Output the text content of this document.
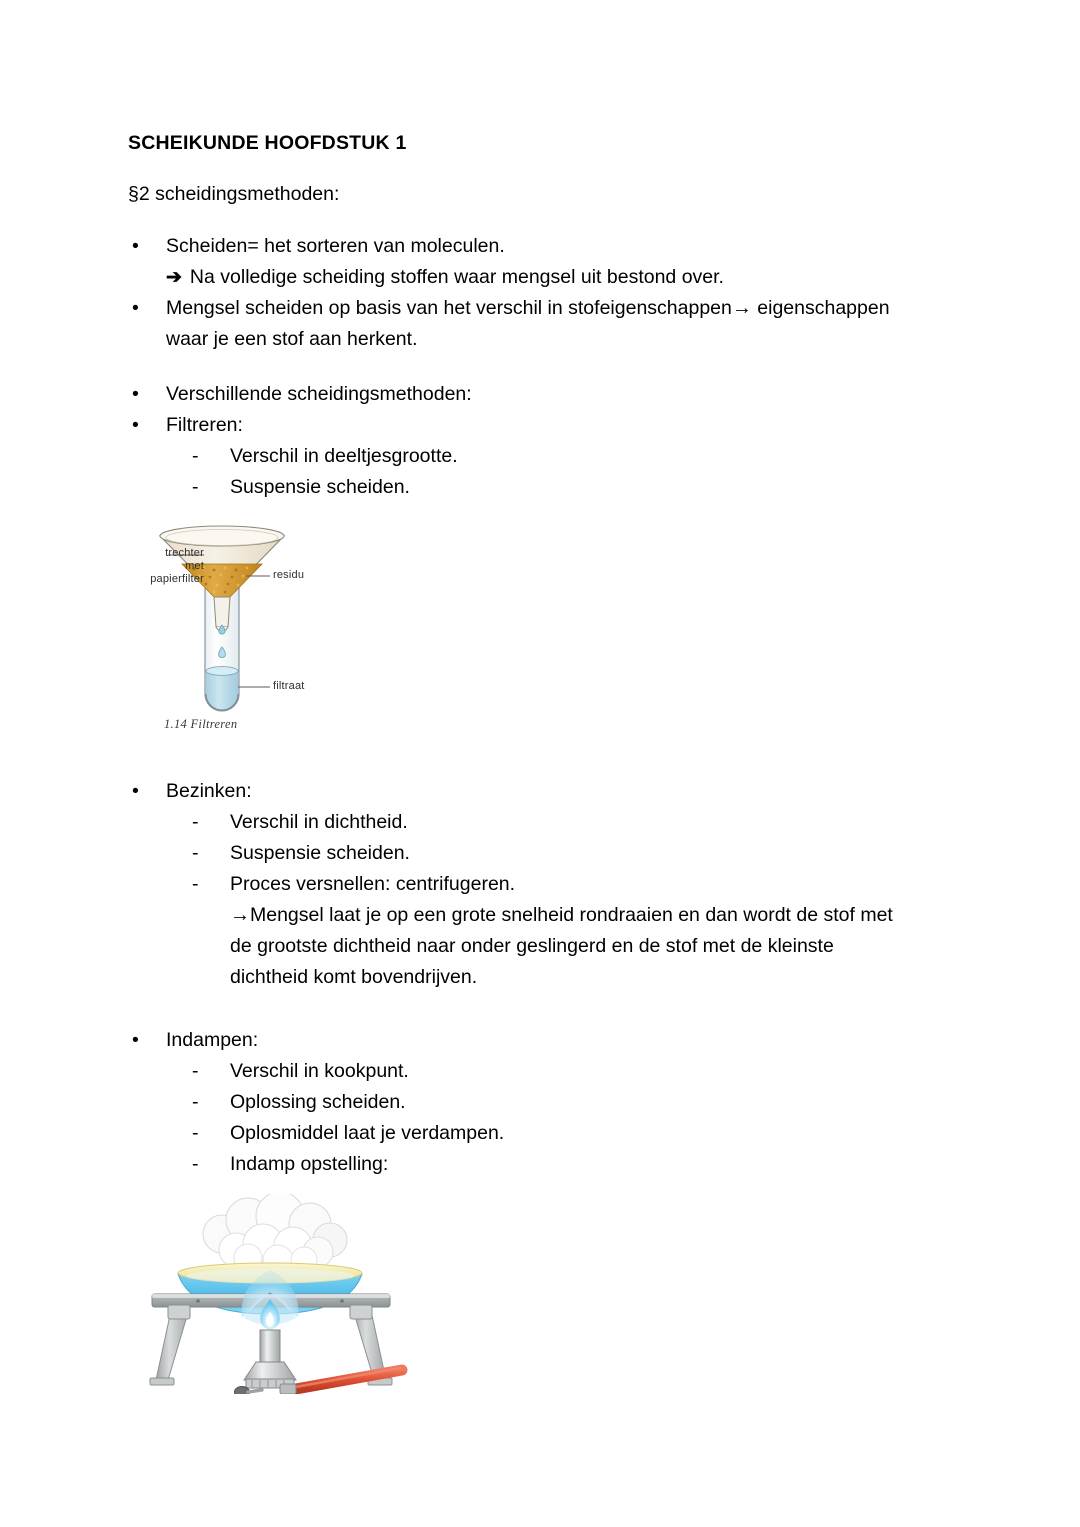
SCHEIKUNDE HOOFDSTUK 1

§2 scheidingsmethoden:

• Scheiden= het sorteren van moleculen.
➔ Na volledige scheiding stoffen waar mengsel uit bestond over.
• Mengsel scheiden op basis van het verschil in stofeigenschappen→ eigenschappen
waar je een stof aan herkent.
• Verschillende scheidingsmethoden:
• Filtreren:
- Verschil in deeltjesgrootte.
- Suspensie scheiden.
trechter
met
papierfilter	residu
filtraat
1.14 Filtreren
• Bezinken:
- Verschil in dichtheid.
- Suspensie scheiden.
- Proces versnellen: centrifugeren.
→Mengsel laat je op een grote snelheid rondraaien en dan wordt de stof met
de grootste dichtheid naar onder geslingerd en de stof met de kleinste
dichtheid komt bovendrijven.
• Indampen:
- Verschil in kookpunt.
- Oplossing scheiden.
- Oplosmiddel laat je verdampen.
- Indamp opstelling:
